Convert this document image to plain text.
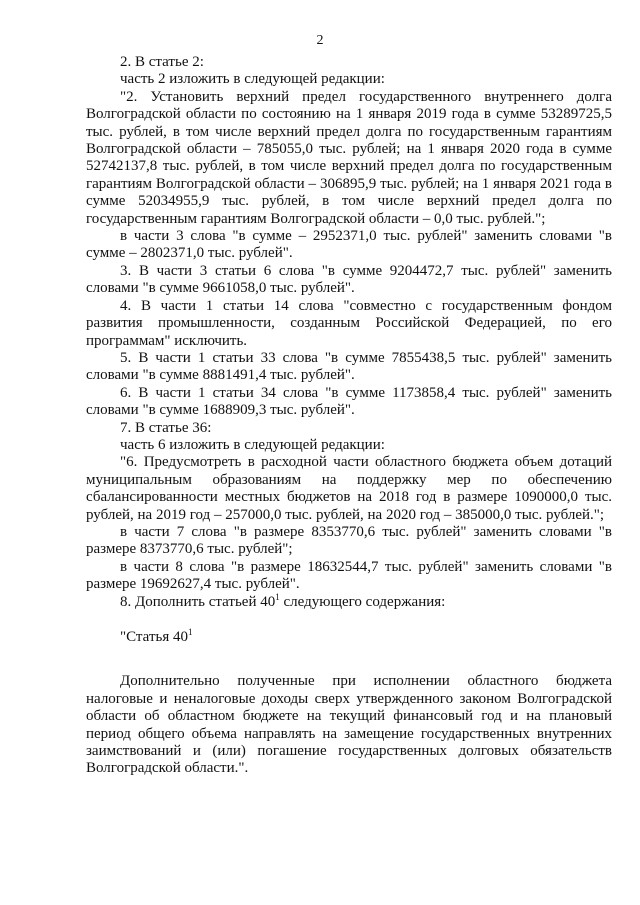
2

2. В статье 2:

часть 2 изложить в следующей редакции:

"2. Установить верхний предел государственного внутреннего долга Волгоградской области по состоянию на 1 января 2019 года в сумме 53289725,5 тыс. рублей, в том числе верхний предел долга по государственным гарантиям Волгоградской области – 785055,0 тыс. рублей; на 1 января 2020 года в сумме 52742137,8 тыс. рублей, в том числе верхний предел долга по государственным гарантиям Волгоградской области – 306895,9 тыс. рублей; на 1 января 2021 года в сумме 52034955,9 тыс. рублей, в том числе верхний предел долга по государственным гарантиям Волгоградской области – 0,0 тыс. рублей.";

в части 3 слова "в сумме – 2952371,0 тыс. рублей" заменить словами "в сумме – 2802371,0 тыс. рублей".

3. В части 3 статьи 6 слова "в сумме 9204472,7 тыс. рублей" заменить словами "в сумме 9661058,0 тыс. рублей".

4. В части 1 статьи 14 слова "совместно с государственным фондом развития промышленности, созданным Российской Федерацией, по его программам" исключить.

5. В части 1 статьи 33 слова "в сумме 7855438,5 тыс. рублей" заменить словами "в сумме 8881491,4 тыс. рублей".

6. В части 1 статьи 34 слова "в сумме 1173858,4 тыс. рублей" заменить словами "в сумме 1688909,3 тыс. рублей".

7. В статье 36:

часть 6 изложить в следующей редакции:

"6. Предусмотреть в расходной части областного бюджета объем дотаций муниципальным образованиям на поддержку мер по обеспечению сбалансированности местных бюджетов на 2018 год в размере 1090000,0 тыс. рублей, на 2019 год – 257000,0 тыс. рублей, на 2020 год – 385000,0 тыс. рублей.";

в части 7 слова "в размере 8353770,6 тыс. рублей" заменить словами "в размере 8373770,6 тыс. рублей";

в части 8 слова "в размере 18632544,7 тыс. рублей" заменить словами "в размере 19692627,4 тыс. рублей".

8. Дополнить статьей $40^1$ следующего содержания:

"Статья $40^1$

Дополнительно полученные при исполнении областного бюджета налоговые и неналоговые доходы сверх утвержденного законом Волгоградской области об областном бюджете на текущий финансовый год и на плановый период общего объема направлять на замещение государственных внутренних заимствований и (или) погашение государственных долговых обязательств Волгоградской области.".
